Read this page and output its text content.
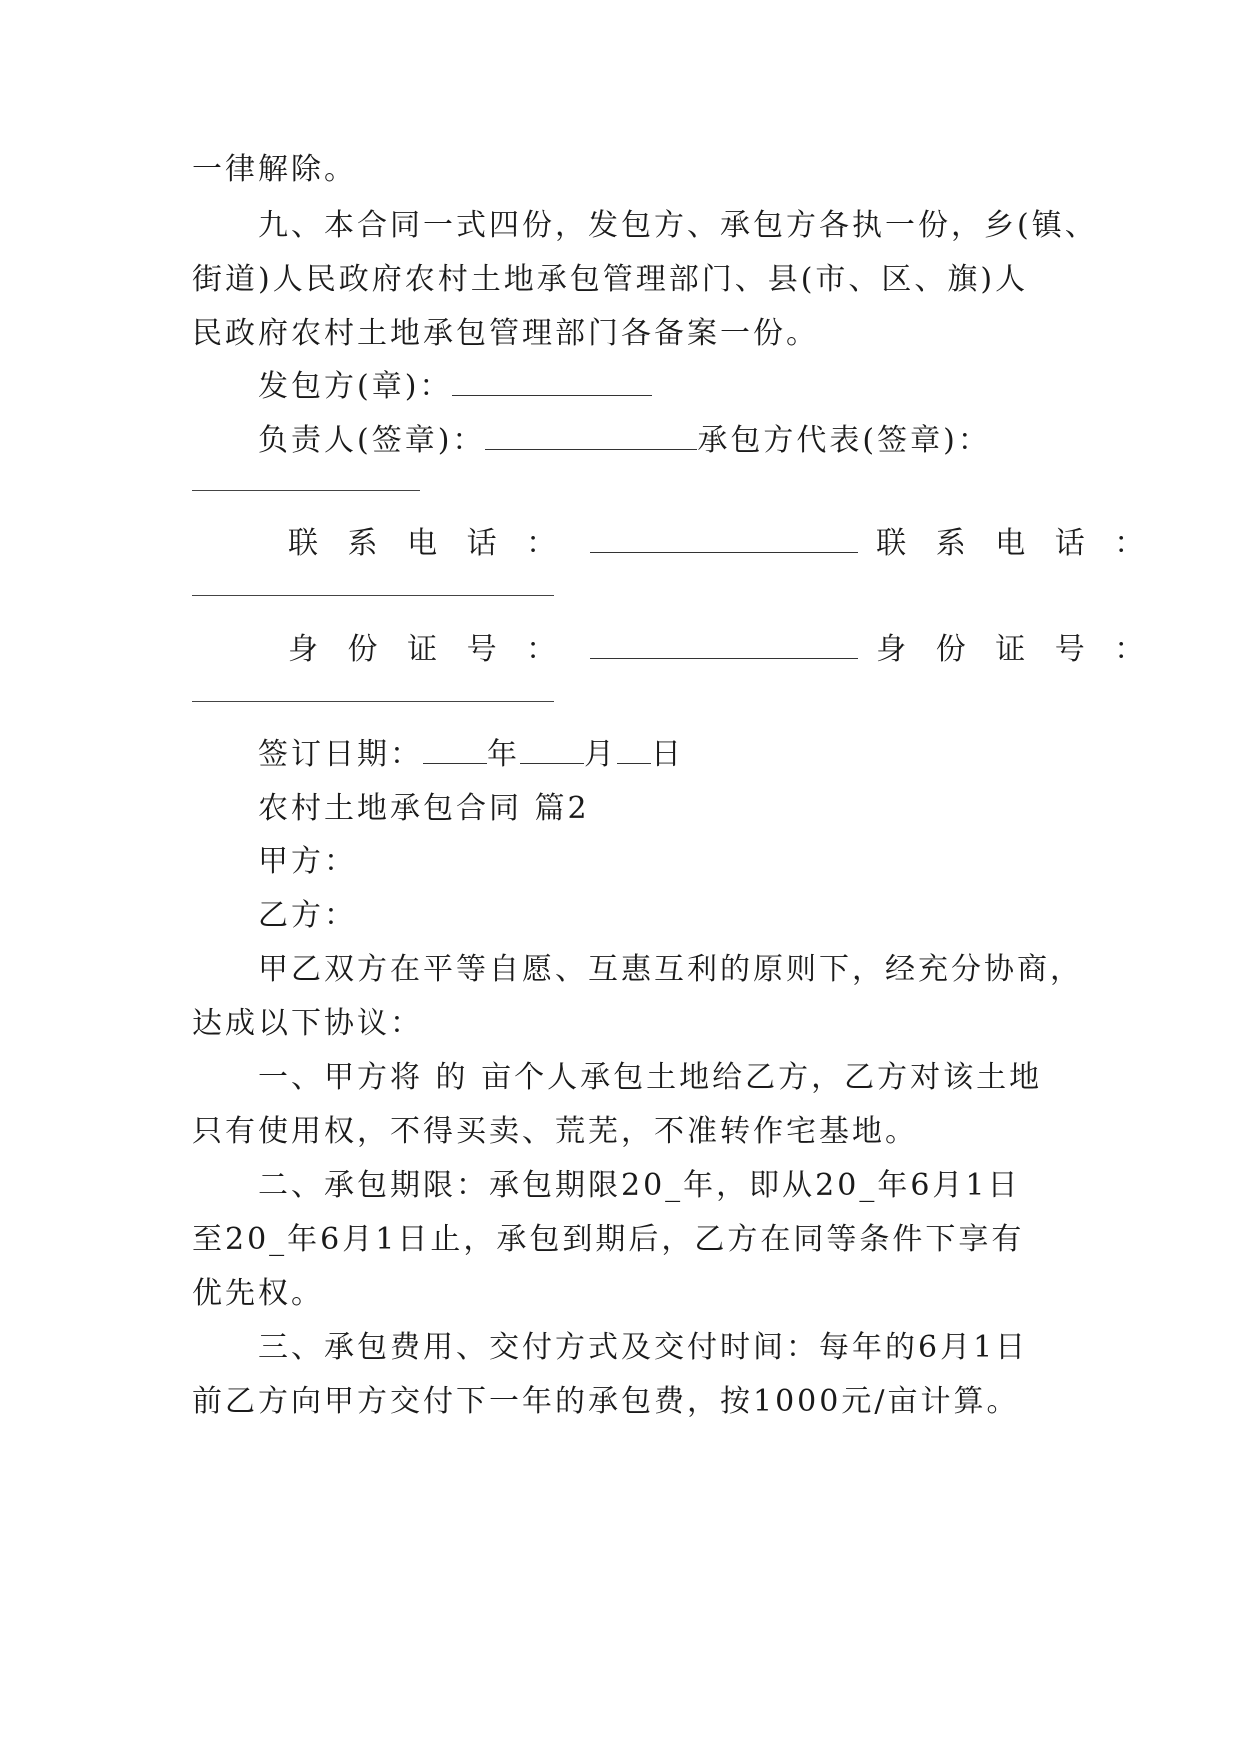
一律解除。
九、本合同一式四份，发包方、承包方各执一份，乡(镇、
街道)人民政府农村土地承包管理部门、县(市、区、旗)人
民政府农村土地承包管理部门各备案一份。
发包方(章)：
负责人(签章)：	承包方代表(签章)：
联 系 电 话 ：	联 系 电 话 ：
身 份 证 号 ：	身 份 证 号 ：
签订日期： 年 月 日
农村土地承包合同 篇2
甲方：
乙方：
甲乙双方在平等自愿、互惠互利的原则下，经充分协商，
达成以下协议：
一、甲方将 的 亩个人承包土地给乙方，乙方对该土地
只有使用权，不得买卖、荒芜，不准转作宅基地。
二、承包期限：承包期限20_年，即从20_年6月1日
至20_年6月1日止，承包到期后，乙方在同等条件下享有
优先权。
三、承包费用、交付方式及交付时间：每年的6月1日
前乙方向甲方交付下一年的承包费，按1000元/亩计算。
